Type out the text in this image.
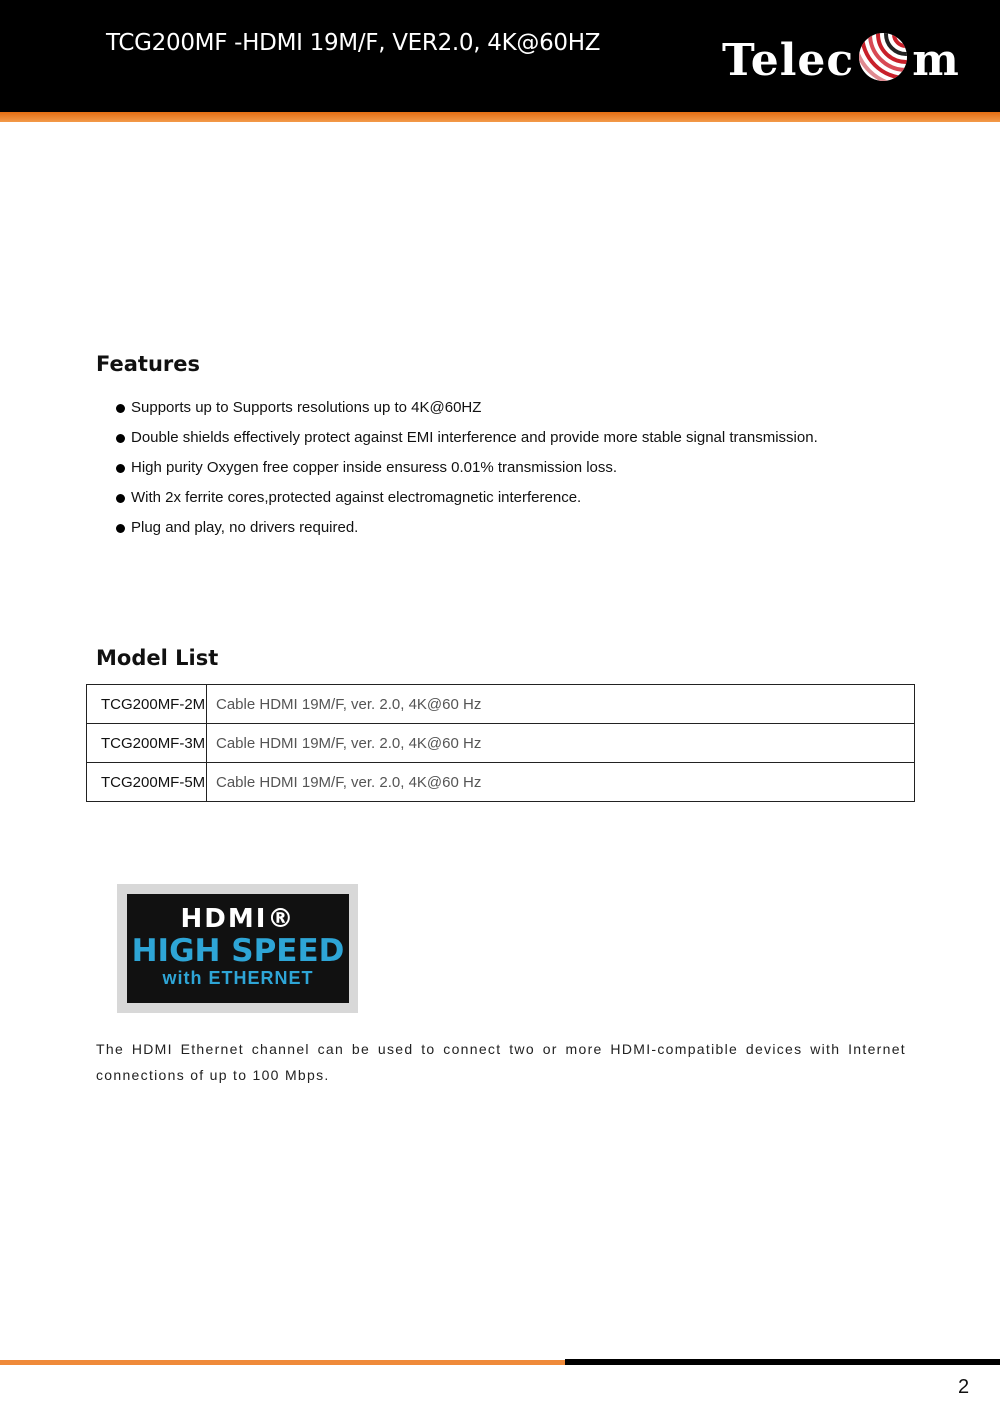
TCG200MF -HDMI 19M/F, VER2.0, 4K@60HZ	Telec m
Features
Supports up to Supports resolutions up to 4K@60HZ
Double shields effectively protect against EMI interference and provide more stable signal transmission.
High purity Oxygen free copper inside ensuress 0.01% transmission loss.
With 2x ferrite cores,protected against electromagnetic interference.
Plug and play, no drivers required.
Model List
TCG200MF-2M	Cable HDMI 19M/F, ver. 2.0, 4K@60 Hz
TCG200MF-3M	Cable HDMI 19M/F, ver. 2.0, 4K@60 Hz
TCG200MF-5M	Cable HDMI 19M/F, ver. 2.0, 4K@60 Hz
HDMI®
HIGH SPEED
with ETHERNET
The HDMI Ethernet channel can be used to connect two or more HDMI-compatible devices with Internet connections of up to 100 Mbps.
2
